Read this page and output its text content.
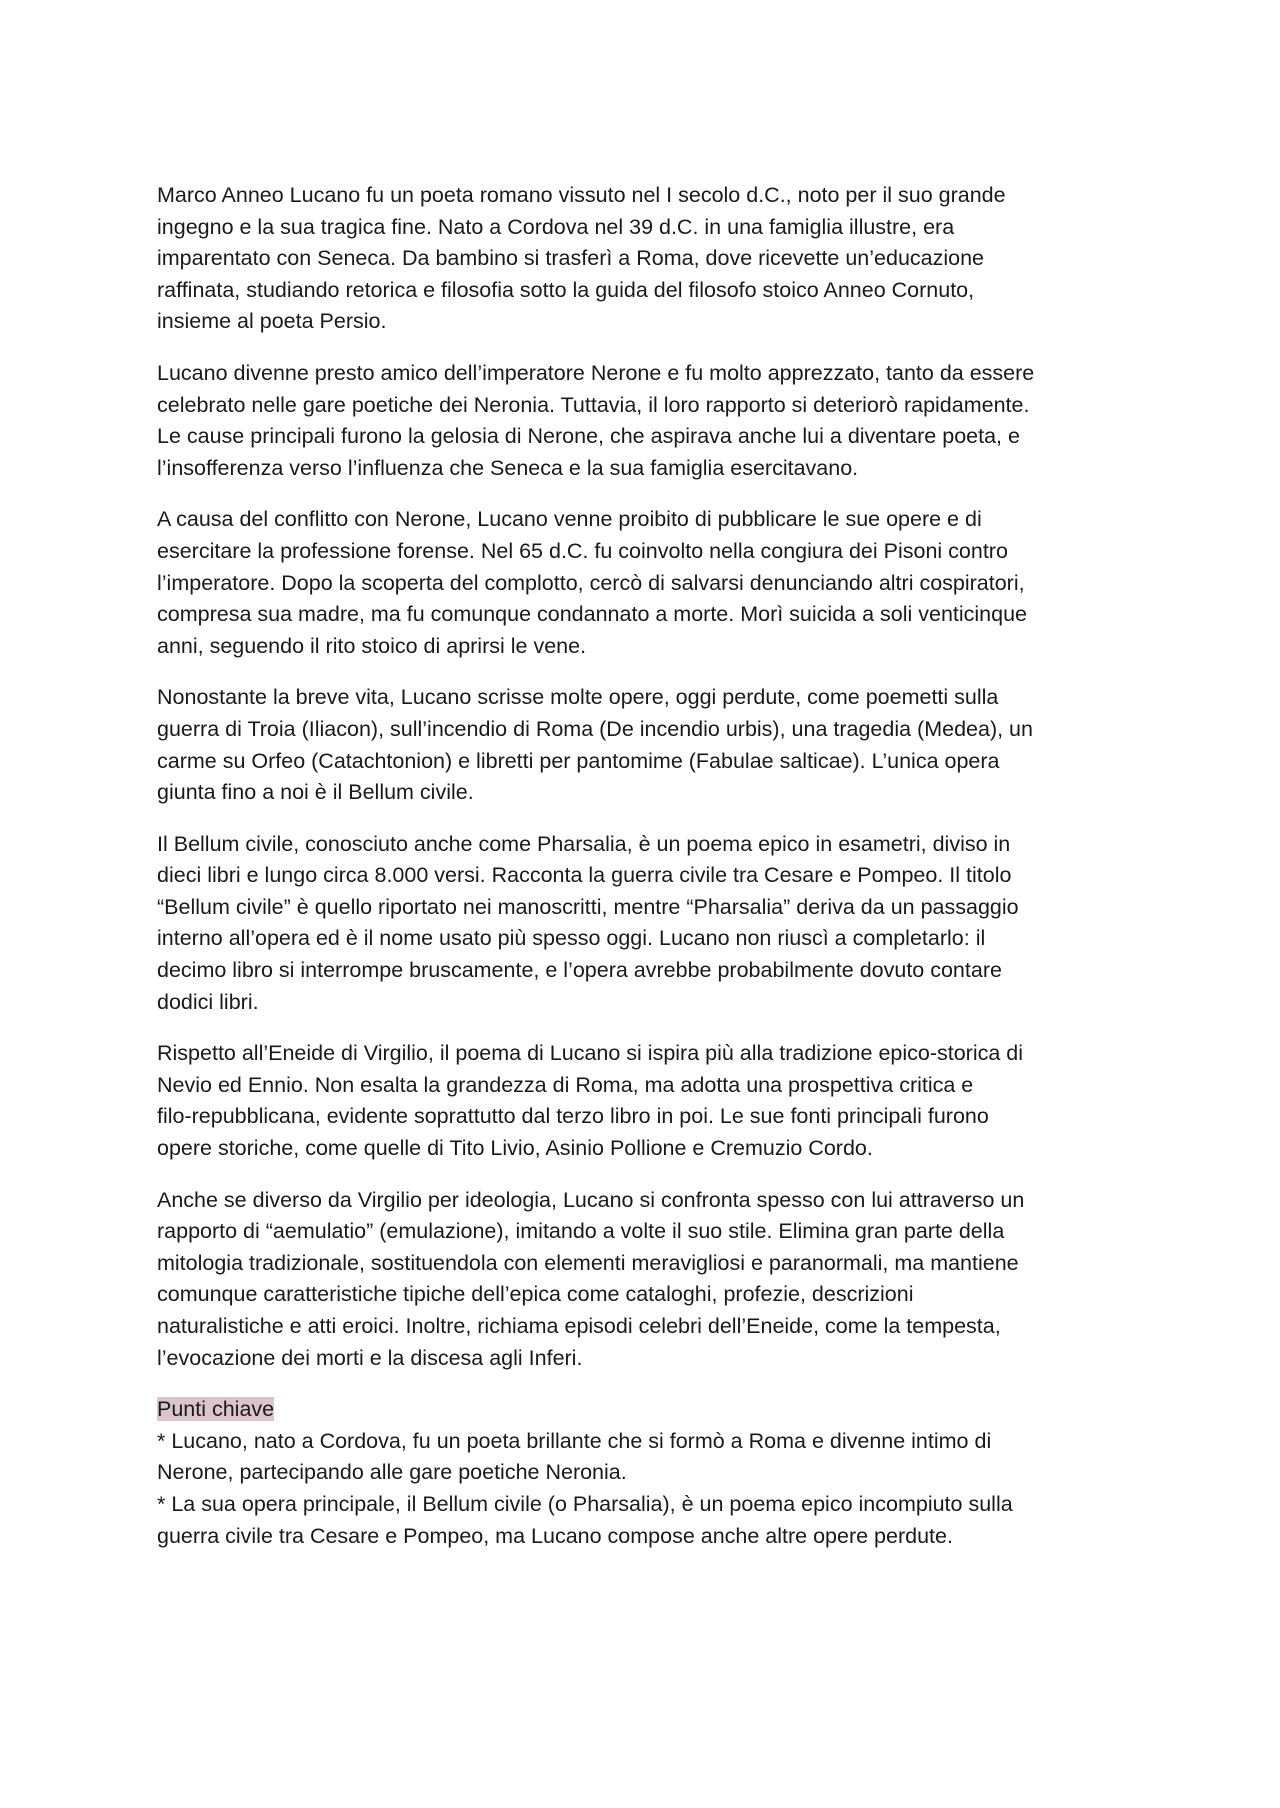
Marco Anneo Lucano fu un poeta romano vissuto nel I secolo d.C., noto per il suo grande
ingegno e la sua tragica fine. Nato a Cordova nel 39 d.C. in una famiglia illustre, era
imparentato con Seneca. Da bambino si trasferì a Roma, dove ricevette un’educazione
raffinata, studiando retorica e filosofia sotto la guida del filosofo stoico Anneo Cornuto,
insieme al poeta Persio.

Lucano divenne presto amico dell’imperatore Nerone e fu molto apprezzato, tanto da essere
celebrato nelle gare poetiche dei Neronia. Tuttavia, il loro rapporto si deteriorò rapidamente.
Le cause principali furono la gelosia di Nerone, che aspirava anche lui a diventare poeta, e
l’insofferenza verso l’influenza che Seneca e la sua famiglia esercitavano.

A causa del conflitto con Nerone, Lucano venne proibito di pubblicare le sue opere e di
esercitare la professione forense. Nel 65 d.C. fu coinvolto nella congiura dei Pisoni contro
l’imperatore. Dopo la scoperta del complotto, cercò di salvarsi denunciando altri cospiratori,
compresa sua madre, ma fu comunque condannato a morte. Morì suicida a soli venticinque
anni, seguendo il rito stoico di aprirsi le vene.

Nonostante la breve vita, Lucano scrisse molte opere, oggi perdute, come poemetti sulla
guerra di Troia (Iliacon), sull’incendio di Roma (De incendio urbis), una tragedia (Medea), un
carme su Orfeo (Catachtonion) e libretti per pantomime (Fabulae salticae). L’unica opera
giunta fino a noi è il Bellum civile.

Il Bellum civile, conosciuto anche come Pharsalia, è un poema epico in esametri, diviso in
dieci libri e lungo circa 8.000 versi. Racconta la guerra civile tra Cesare e Pompeo. Il titolo
“Bellum civile” è quello riportato nei manoscritti, mentre “Pharsalia” deriva da un passaggio
interno all’opera ed è il nome usato più spesso oggi. Lucano non riuscì a completarlo: il
decimo libro si interrompe bruscamente, e l’opera avrebbe probabilmente dovuto contare
dodici libri.

Rispetto all’Eneide di Virgilio, il poema di Lucano si ispira più alla tradizione epico-storica di
Nevio ed Ennio. Non esalta la grandezza di Roma, ma adotta una prospettiva critica e
filo-repubblicana, evidente soprattutto dal terzo libro in poi. Le sue fonti principali furono
opere storiche, come quelle di Tito Livio, Asinio Pollione e Cremuzio Cordo.

Anche se diverso da Virgilio per ideologia, Lucano si confronta spesso con lui attraverso un
rapporto di “aemulatio” (emulazione), imitando a volte il suo stile. Elimina gran parte della
mitologia tradizionale, sostituendola con elementi meravigliosi e paranormali, ma mantiene
comunque caratteristiche tipiche dell’epica come cataloghi, profezie, descrizioni
naturalistiche e atti eroici. Inoltre, richiama episodi celebri dell’Eneide, come la tempesta,
l’evocazione dei morti e la discesa agli Inferi.

Punti chiave

* Lucano, nato a Cordova, fu un poeta brillante che si formò a Roma e divenne intimo di
Nerone, partecipando alle gare poetiche Neronia.

* La sua opera principale, il Bellum civile (o Pharsalia), è un poema epico incompiuto sulla
guerra civile tra Cesare e Pompeo, ma Lucano compose anche altre opere perdute.
